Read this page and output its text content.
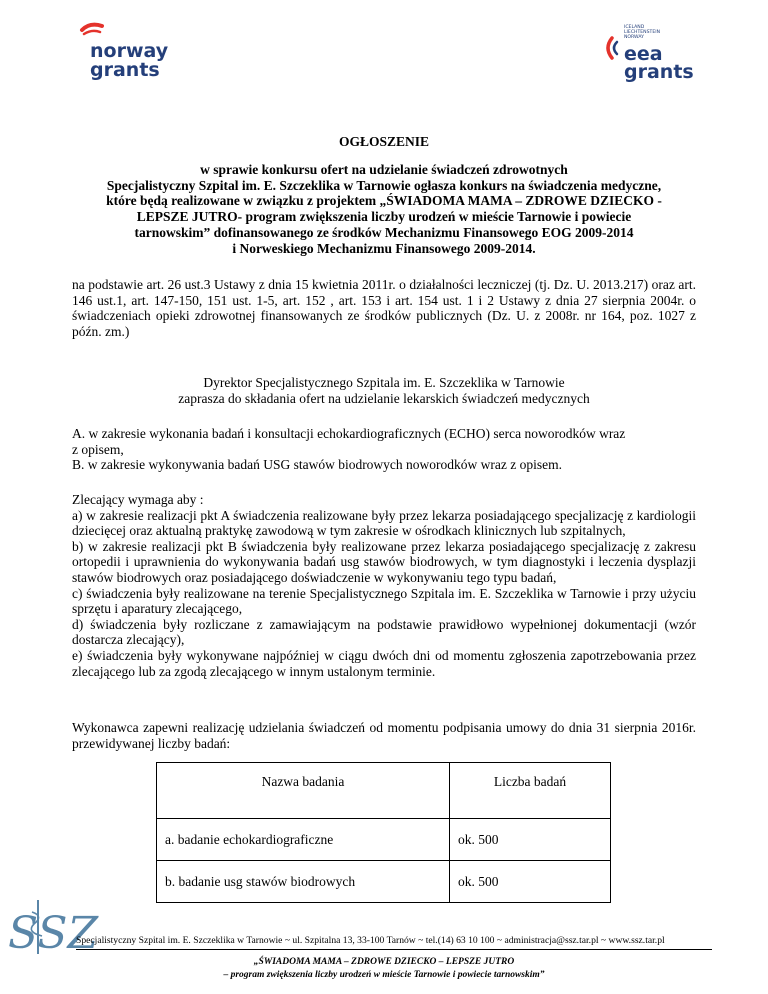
norway
grants
ICELAND
LIECHTENSTEIN
NORWAY
eea
grants
OGŁOSZENIE
w sprawie konkursu ofert na udzielanie świadczeń zdrowotnych
Specjalistyczny Szpital im. E. Szczeklika w Tarnowie ogłasza konkurs na świadczenia medyczne,
które będą realizowane w związku z projektem „ŚWIADOMA MAMA – ZDROWE DZIECKO -
LEPSZE JUTRO- program zwiększenia liczby urodzeń w mieście Tarnowie i powiecie
tarnowskim” dofinansowanego ze środków Mechanizmu Finansowego EOG 2009-2014
i Norweskiego Mechanizmu Finansowego 2009-2014.
na podstawie art. 26 ust.3 Ustawy z dnia 15 kwietnia 2011r. o działalności leczniczej (tj. Dz. U. 2013.217) oraz art. 146 ust.1, art. 147-150, 151 ust. 1-5, art. 152 , art. 153 i art. 154 ust. 1 i 2 Ustawy z dnia 27 sierpnia 2004r. o świadczeniach opieki zdrowotnej finansowanych ze środków publicznych (Dz. U. z 2008r. nr 164, poz. 1027 z późn. zm.)
Dyrektor Specjalistycznego Szpitala im. E. Szczeklika w Tarnowie
zaprasza do składania ofert na udzielanie lekarskich świadczeń medycznych
A. w zakresie wykonania badań i konsultacji echokardiograficznych (ECHO) serca noworodków wraz
z opisem,
B. w zakresie wykonywania badań USG stawów biodrowych noworodków wraz z opisem.
Zlecający wymaga aby :
a) w zakresie realizacji pkt A świadczenia realizowane były przez lekarza posiadającego specjalizację z kardiologii dziecięcej oraz aktualną praktykę zawodową w tym zakresie w ośrodkach klinicznych lub szpitalnych,
b) w zakresie realizacji pkt B świadczenia były realizowane przez lekarza posiadającego specjalizację z zakresu ortopedii i uprawnienia do wykonywania badań usg stawów biodrowych, w tym diagnostyki i leczenia dysplazji stawów biodrowych oraz posiadającego doświadczenie w wykonywaniu tego typu badań,
c) świadczenia były realizowane na terenie Specjalistycznego Szpitala im. E. Szczeklika w Tarnowie i przy użyciu sprzętu i aparatury zlecającego,
d) świadczenia były rozliczane z zamawiającym na podstawie prawidłowo wypełnionej dokumentacji (wzór dostarcza zlecający),
e) świadczenia były wykonywane najpóźniej w ciągu dwóch dni od momentu zgłoszenia zapotrzebowania przez zlecającego lub za zgodą zlecającego w innym ustalonym terminie.
Wykonawca zapewni realizację udzielania świadczeń od momentu podpisania umowy do dnia 31 sierpnia 2016r. przewidywanej liczby badań:
Nazwa badania	Liczba badań
a. badanie echokardiograficzne	ok. 500
b. badanie usg stawów biodrowych	ok. 500
SSZ
Specjalistyczny Szpital im. E. Szczeklika w Tarnowie ~ ul. Szpitalna 13, 33-100 Tarnów ~ tel.(14) 63 10 100 ~ administracja@ssz.tar.pl ~ www.ssz.tar.pl
„ŚWIADOMA MAMA – ZDROWE DZIECKO – LEPSZE JUTRO
– program zwiększenia liczby urodzeń w mieście Tarnowie i powiecie tarnowskim”
